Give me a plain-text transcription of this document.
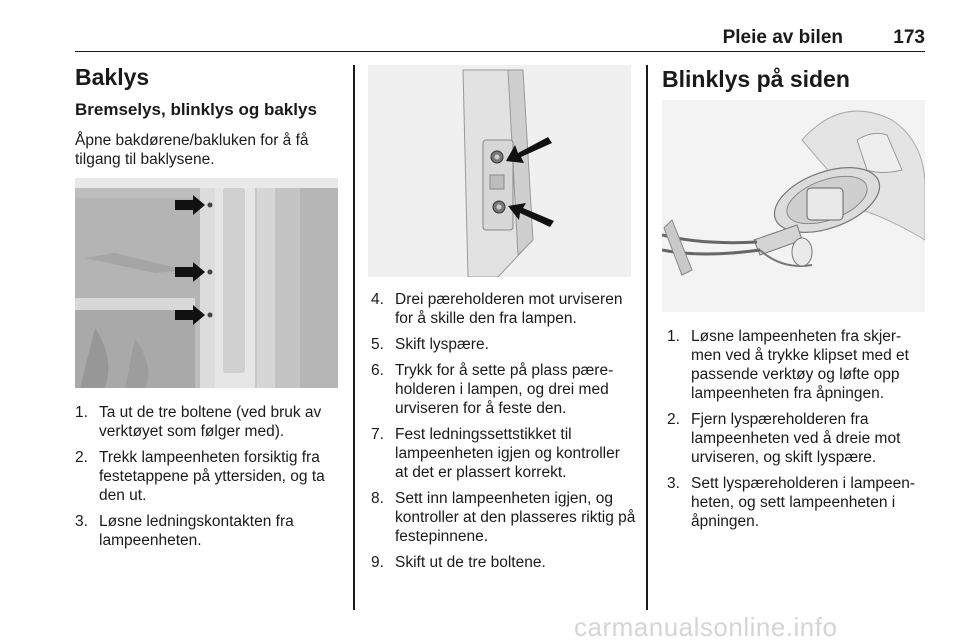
Pleie av bilen	173
Baklys
Bremselys, blinklys og baklys

Åpne bakdørene/bakluken for å få tilgang til baklysene.

1. Ta ut de tre boltene (ved bruk av verktøyet som følger med).
2. Trekk lampeenheten forsiktig fra festetappene på yttersiden, og ta den ut.
3. Løsne ledningskontakten fra lampeenheten.
4. Drei pæreholderen mot urviseren for å skille den fra lampen.
5. Skift lyspære.
6. Trykk for å sette på plass pære-holderen i lampen, og drei med urviseren for å feste den.
7. Fest ledningssettstikket til lampeenheten igjen og kontroller at det er plassert korrekt.
8. Sett inn lampeenheten igjen, og kontroller at den plasseres riktig på festepinnene.
9. Skift ut de tre boltene.
Blinklys på siden
1. Løsne lampeenheten fra skjer-men ved å trykke klipset med et passende verktøy og løfte opp lampeenheten fra åpningen.
2. Fjern lyspæreholderen fra lampeenheten ved å dreie mot urviseren, og skift lyspære.
3. Sett lyspæreholderen i lampeen-heten, og sett lampeenheten i åpningen.
carmanualsonline.info
